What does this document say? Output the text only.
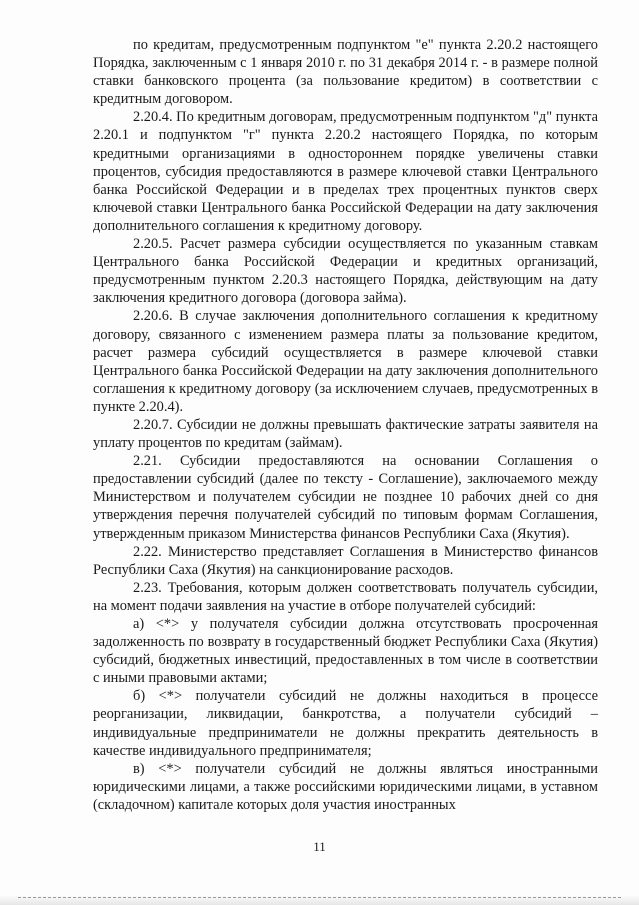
по кредитам, предусмотренным подпунктом "е" пункта 2.20.2 настоящего Порядка, заключенным с 1 января 2010 г. по 31 декабря 2014 г. - в размере полной ставки банковского процента (за пользование кредитом) в соответствии с кредитным договором.

2.20.4. По кредитным договорам, предусмотренным подпунктом "д" пункта 2.20.1 и подпунктом "г" пункта 2.20.2 настоящего Порядка, по которым кредитными организациями в одностороннем порядке увеличены ставки процентов, субсидия предоставляются в размере ключевой ставки Центрального банка Российской Федерации и в пределах трех процентных пунктов сверх ключевой ставки Центрального банка Российской Федерации на дату заключения дополнительного соглашения к кредитному договору.

2.20.5. Расчет размера субсидии осуществляется по указанным ставкам Центрального банка Российской Федерации и кредитных организаций, предусмотренным пунктом 2.20.3 настоящего Порядка, действующим на дату заключения кредитного договора (договора займа).

2.20.6. В случае заключения дополнительного соглашения к кредитному договору, связанного с изменением размера платы за пользование кредитом, расчет размера субсидий осуществляется в размере ключевой ставки Центрального банка Российской Федерации на дату заключения дополнительного соглашения к кредитному договору (за исключением случаев, предусмотренных в пункте 2.20.4).

2.20.7. Субсидии не должны превышать фактические затраты заявителя на уплату процентов по кредитам (займам).

2.21. Субсидии предоставляются на основании Соглашения о предоставлении субсидий (далее по тексту - Соглашение), заключаемого между Министерством и получателем субсидии не позднее 10 рабочих дней со дня утверждения перечня получателей субсидий по типовым формам Соглашения, утвержденным приказом Министерства финансов Республики Саха (Якутия).

2.22. Министерство представляет Соглашения в Министерство финансов Республики Саха (Якутия) на санкционирование расходов.

2.23. Требования, которым должен соответствовать получатель субсидии, на момент подачи заявления на участие в отборе получателей субсидий:

а) <*> у получателя субсидии должна отсутствовать просроченная задолженность по возврату в государственный бюджет Республики Саха (Якутия) субсидий, бюджетных инвестиций, предоставленных в том числе в соответствии с иными правовыми актами;

б) <*> получатели субсидий не должны находиться в процессе реорганизации, ликвидации, банкротства, а получатели субсидий – индивидуальные предприниматели не должны прекратить деятельность в качестве индивидуального предпринимателя;

в) <*> получатели субсидий не должны являться иностранными юридическими лицами, а также российскими юридическими лицами, в уставном (складочном) капитале которых доля участия иностранных

11
